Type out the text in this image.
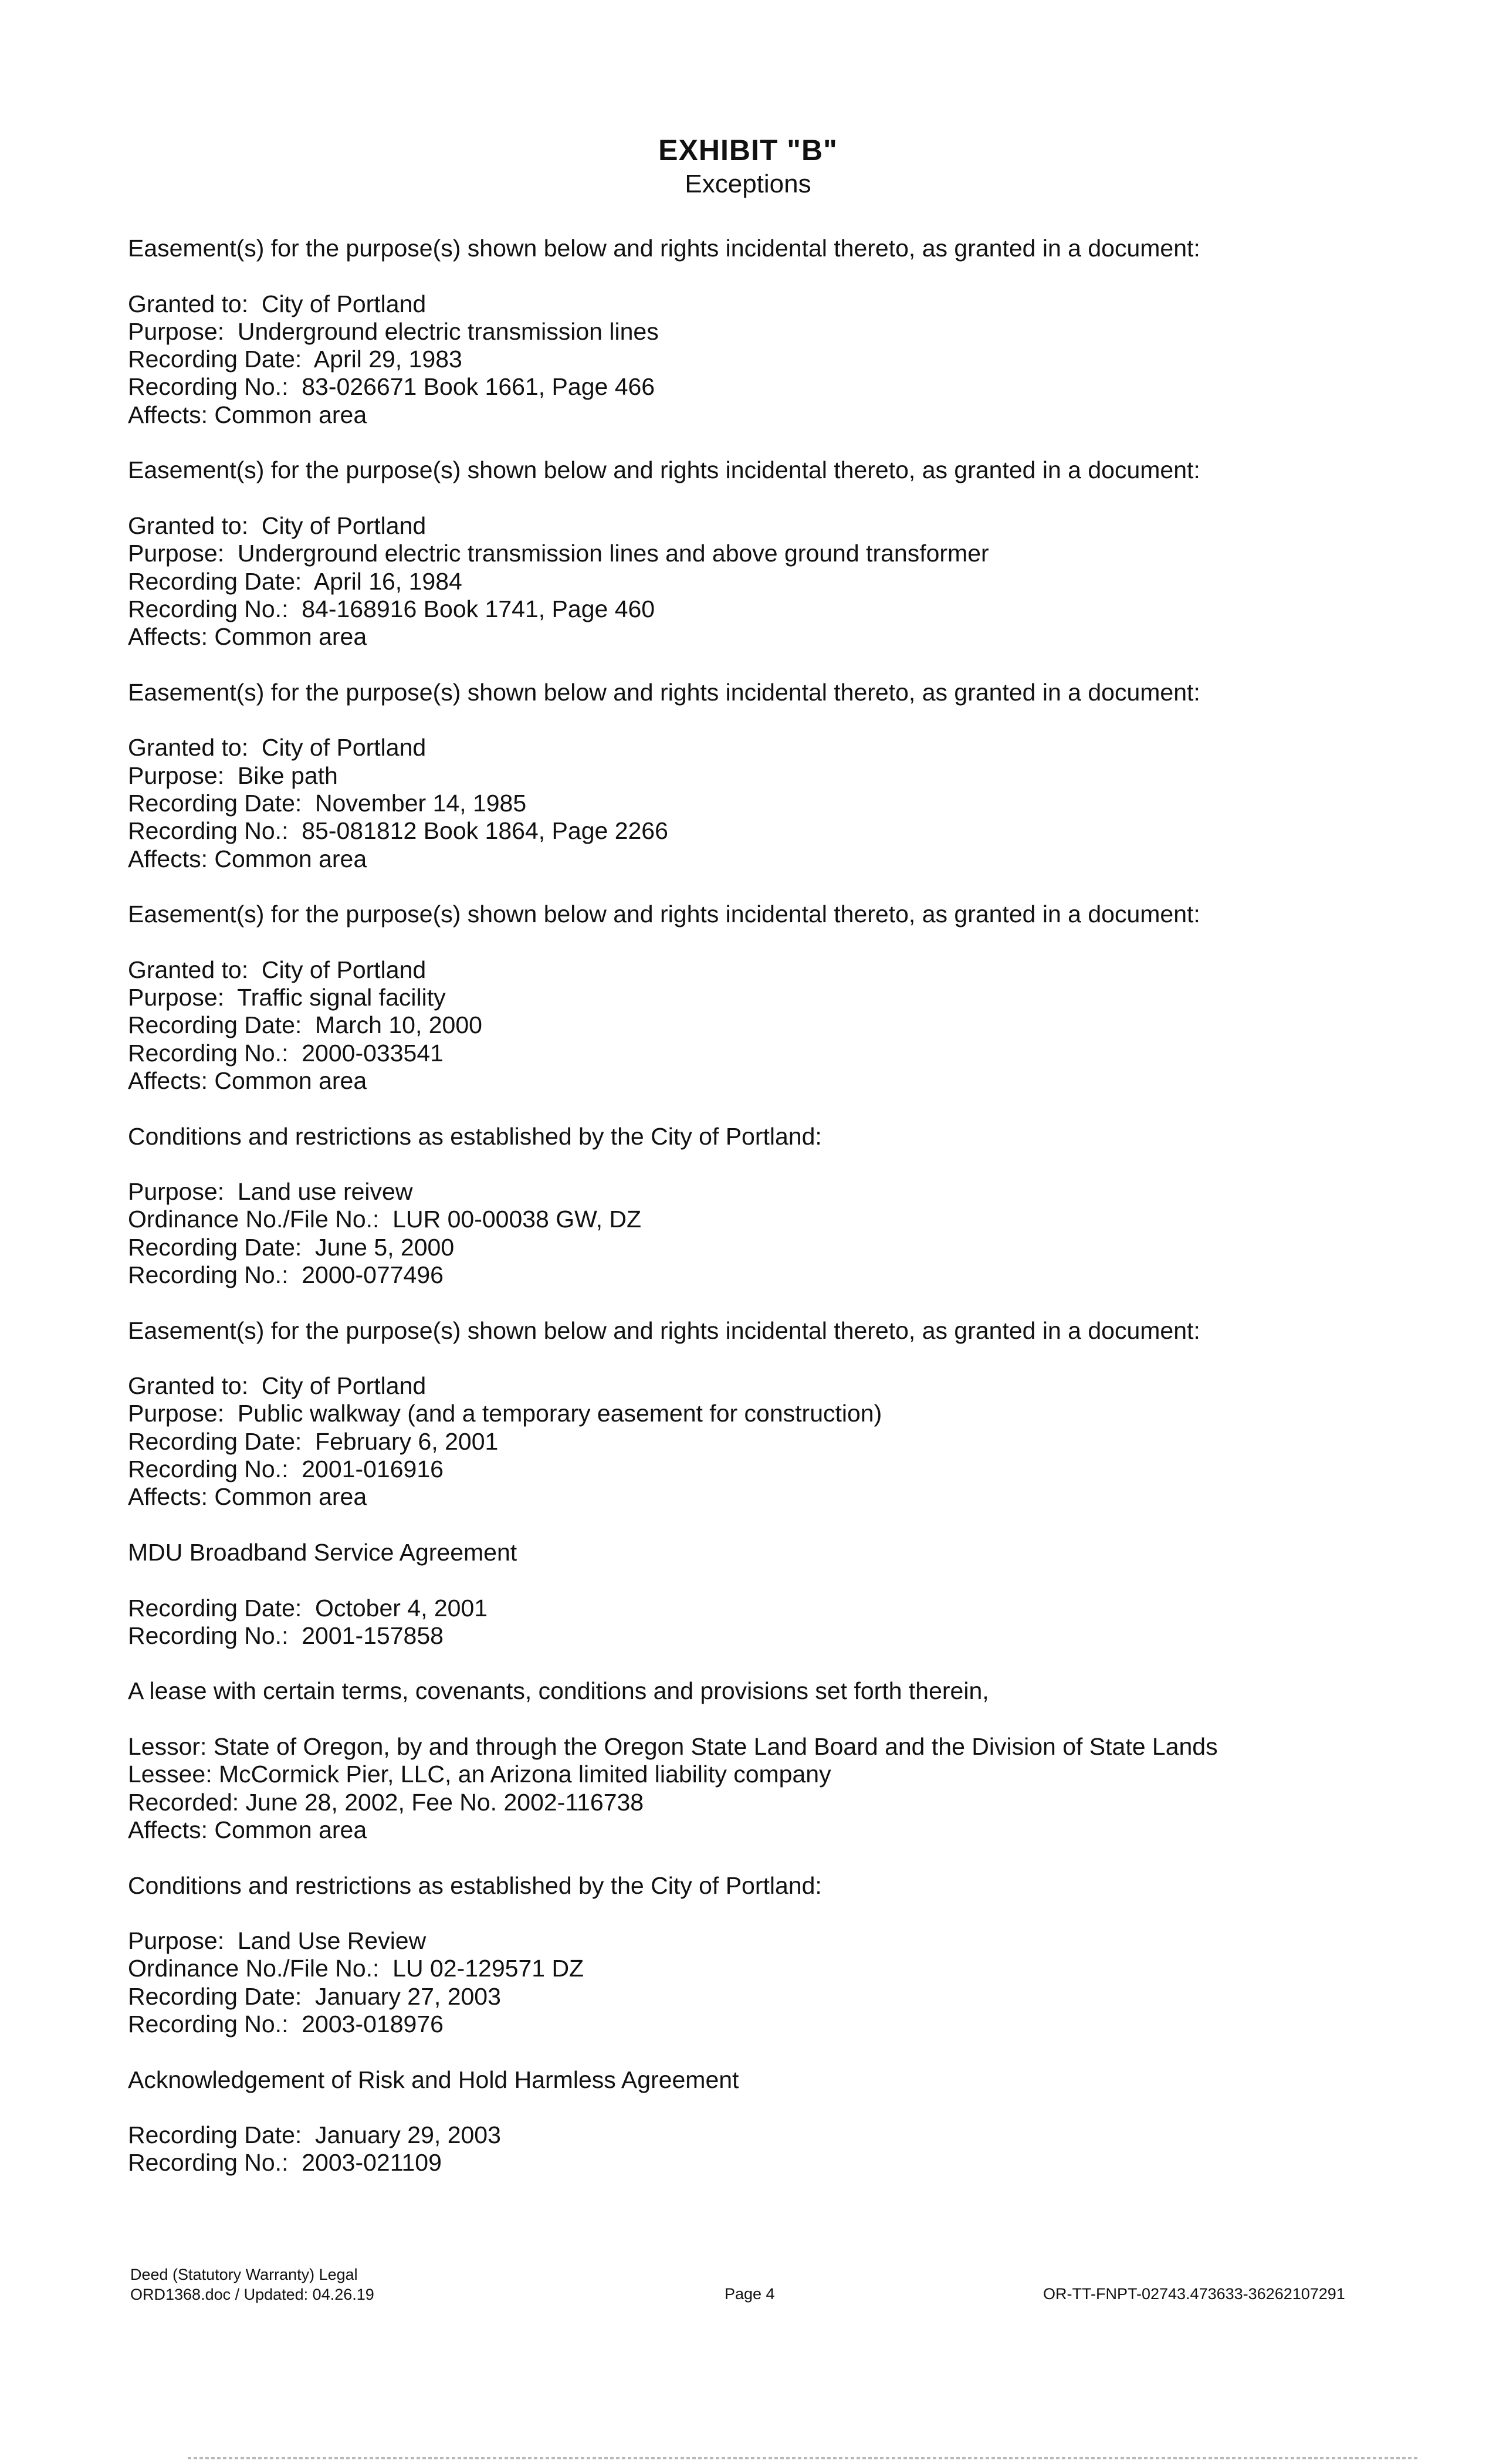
EXHIBIT "B"
Exceptions
Easement(s) for the purpose(s) shown below and rights incidental thereto, as granted in a document:
Granted to:  City of Portland
Purpose:  Underground electric transmission lines
Recording Date:  April 29, 1983
Recording No.:  83-026671 Book 1661, Page 466
Affects: Common area
Easement(s) for the purpose(s) shown below and rights incidental thereto, as granted in a document:
Granted to:  City of Portland
Purpose:  Underground electric transmission lines and above ground transformer
Recording Date:  April 16, 1984
Recording No.:  84-168916 Book 1741, Page 460
Affects: Common area
Easement(s) for the purpose(s) shown below and rights incidental thereto, as granted in a document:
Granted to:  City of Portland
Purpose:  Bike path
Recording Date:  November 14, 1985
Recording No.:  85-081812 Book 1864, Page 2266
Affects: Common area
Easement(s) for the purpose(s) shown below and rights incidental thereto, as granted in a document:
Granted to:  City of Portland
Purpose:  Traffic signal facility
Recording Date:  March 10, 2000
Recording No.:  2000-033541
Affects: Common area
Conditions and restrictions as established by the City of Portland:
Purpose:  Land use reivew
Ordinance No./File No.:  LUR 00-00038 GW, DZ
Recording Date:  June 5, 2000
Recording No.:  2000-077496
Easement(s) for the purpose(s) shown below and rights incidental thereto, as granted in a document:
Granted to:  City of Portland
Purpose:  Public walkway (and a temporary easement for construction)
Recording Date:  February 6, 2001
Recording No.:  2001-016916
Affects: Common area
MDU Broadband Service Agreement
Recording Date:  October 4, 2001
Recording No.:  2001-157858
A lease with certain terms, covenants, conditions and provisions set forth therein,
Lessor: State of Oregon, by and through the Oregon State Land Board and the Division of State Lands
Lessee: McCormick Pier, LLC, an Arizona limited liability company
Recorded: June 28, 2002, Fee No. 2002-116738
Affects: Common area
Conditions and restrictions as established by the City of Portland:
Purpose:  Land Use Review
Ordinance No./File No.:  LU 02-129571 DZ
Recording Date:  January 27, 2003
Recording No.:  2003-018976
Acknowledgement of Risk and Hold Harmless Agreement
Recording Date:  January 29, 2003
Recording No.:  2003-021109
Deed (Statutory Warranty) Legal
ORD1368.doc / Updated: 04.26.19	Page 4	OR-TT-FNPT-02743.473633-36262107291
